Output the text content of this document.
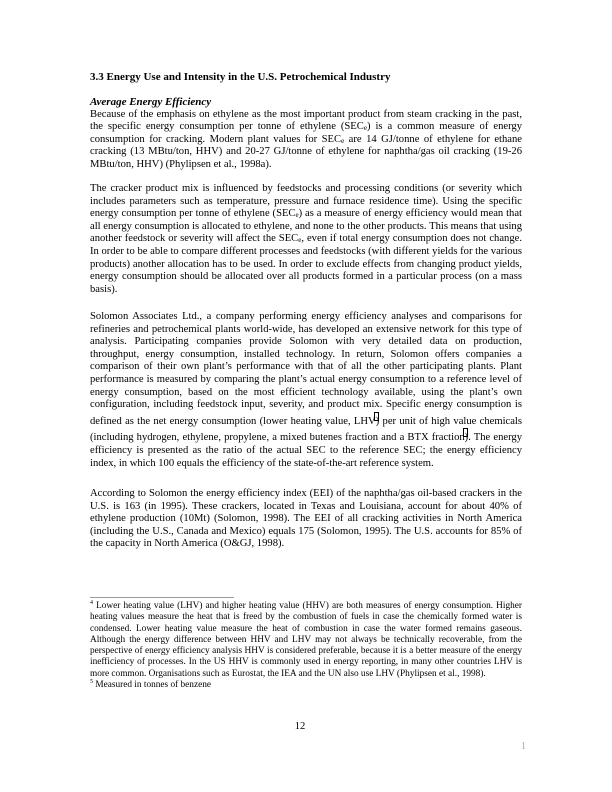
3.3 Energy Use and Intensity in the U.S. Petrochemical Industry

Average Energy Efficiency

Because of the emphasis on ethylene as the most important product from steam cracking in the past, the specific energy consumption per tonne of ethylene $(SEC_e)$ is a common measure of energy consumption for cracking. Modern plant values for $SEC_e$ are 14 GJ/tonne of ethylene for ethane cracking (13 MBtu/ton, HHV) and 20-27 GJ/tonne of ethylene for naphtha/gas oil cracking (19-26 MBtu/ton, HHV) (Phylipsen et al., 1998a).

The cracker product mix is influenced by feedstocks and processing conditions (or severity which includes parameters such as temperature, pressure and furnace residence time). Using the specific energy consumption per tonne of ethylene $(SEC_e)$ as a measure of energy efficiency would mean that all energy consumption is allocated to ethylene, and none to the other products. This means that using another feedstock or severity will affect the $SEC_e$, even if total energy consumption does not change. In order to be able to compare different processes and feedstocks (with different yields for the various products) another allocation has to be used. In order to exclude effects from changing product yields, energy consumption should be allocated over all products formed in a particular process (on a mass basis).

Solomon Associates Ltd., a company performing energy efficiency analyses and comparisons for refineries and petrochemical plants world-wide, has developed an extensive network for this type of analysis. Participating companies provide Solomon with very detailed data on production, throughput, energy consumption, installed technology. In return, Solomon offers companies a comparison of their own plant’s performance with that of all the other participating plants. Plant performance is measured by comparing the plant’s actual energy consumption to a reference level of energy consumption, based on the most efficient technology available, using the plant’s own configuration, including feedstock input, severity, and product mix. Specific energy consumption is defined as the net energy consumption (lower heating value, LHV) per unit of high value chemicals (including hydrogen, ethylene, propylene, a mixed butenes fraction and a BTX fraction). The energy efficiency is presented as the ratio of the actual SEC to the reference SEC; the energy efficiency index, in which 100 equals the efficiency of the state-of-the-art reference system.

According to Solomon the energy efficiency index (EEI) of the naphtha/gas oil-based crackers in the U.S. is 163 (in 1995). These crackers, located in Texas and Louisiana, account for about 40% of ethylene production (10Mt) (Solomon, 1998). The EEI of all cracking activities in North America (including the U.S., Canada and Mexico) equals 175 (Solomon, 1995). The U.S. accounts for 85% of the capacity in North America (O&GJ, 1998).

$^4$ Lower heating value (LHV) and higher heating value (HHV) are both measures of energy consumption. Higher heating values measure the heat that is freed by the combustion of fuels in case the chemically formed water is condensed. Lower heating value measure the heat of combustion in case the water formed remains gaseous. Although the energy difference between HHV and LHV may not always be technically recoverable, from the perspective of energy efficiency analysis HHV is considered preferable, because it is a better measure of the energy inefficiency of processes. In the US HHV is commonly used in energy reporting, in many other countries LHV is more common. Organisations such as Eurostat, the IEA and the UN also use LHV (Phylipsen et al., 1998).

$^5$ Measured in tonnes of benzene

12
1
